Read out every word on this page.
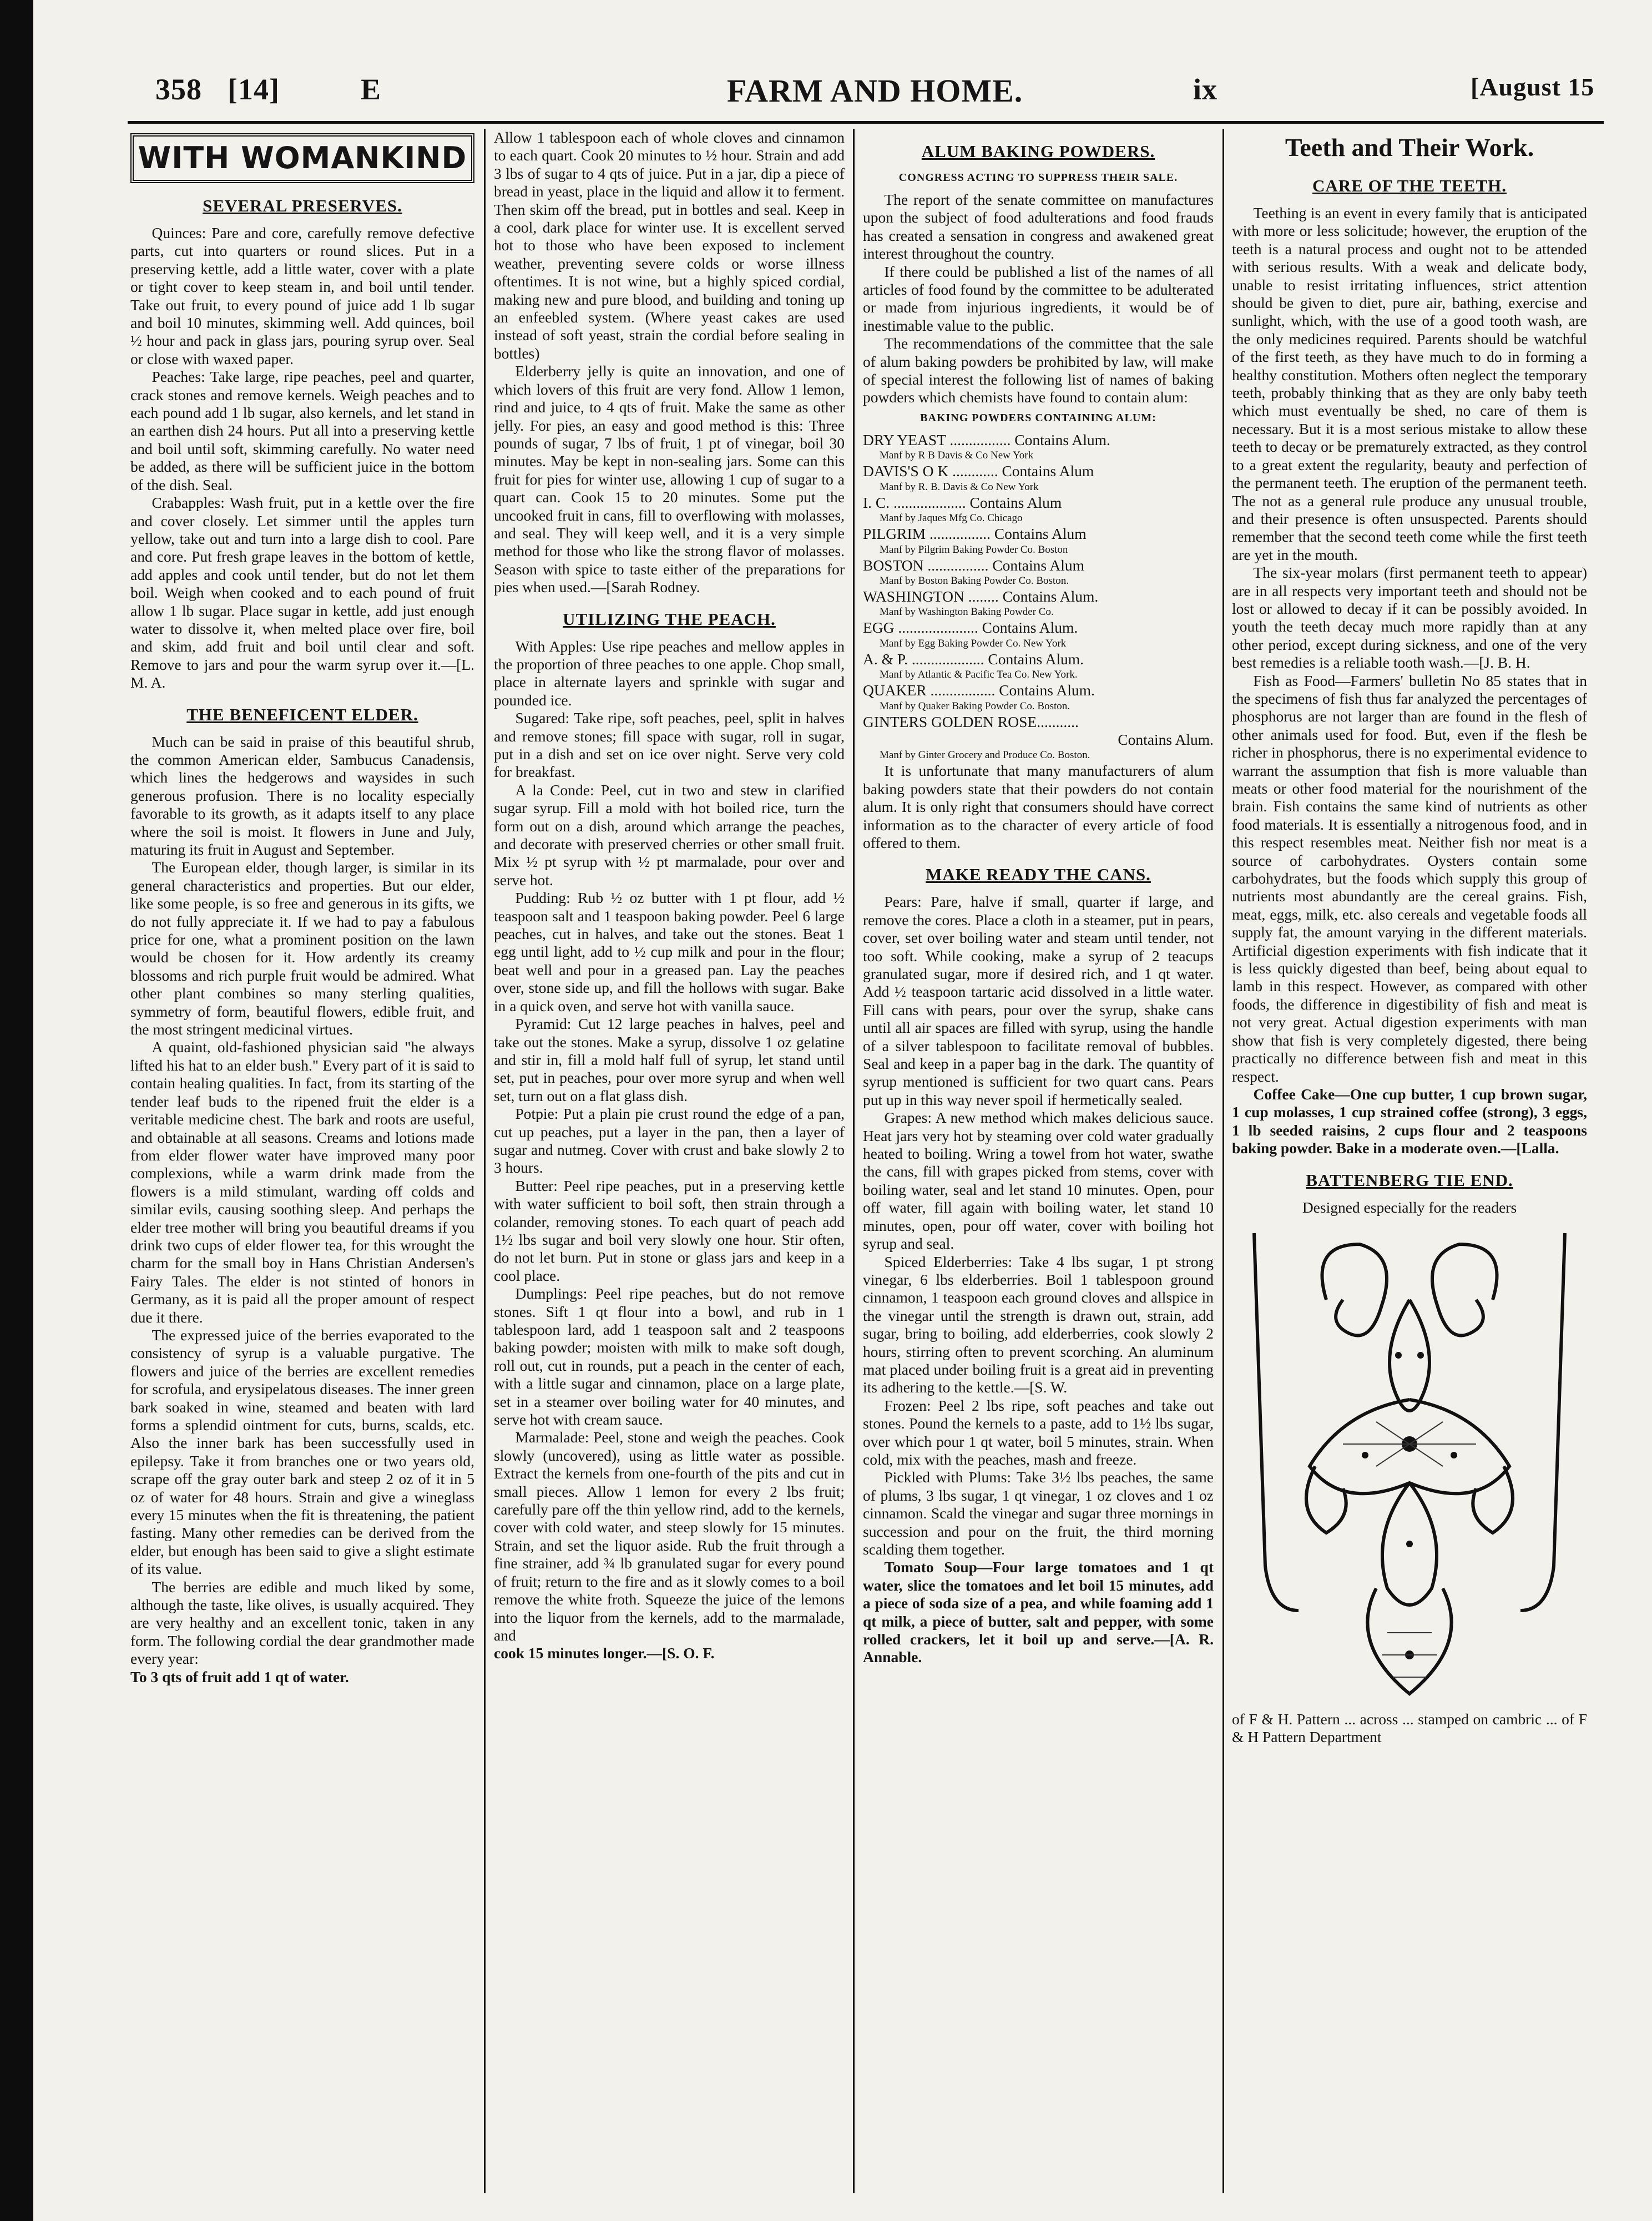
358 [14]	E	FARM AND HOME.	ix	[August 15
WITH WOMANKIND
SEVERAL PRESERVES.

Quinces: Pare and core, carefully remove defective parts, cut into quarters or round slices. Put in a preserving kettle, add a little water, cover with a plate or tight cover to keep steam in, and boil until tender. Take out fruit, to every pound of juice add 1 lb sugar and boil 10 minutes, skimming well. Add quinces, boil ½ hour and pack in glass jars, pouring syrup over. Seal or close with waxed paper.

Peaches: Take large, ripe peaches, peel and quarter, crack stones and remove kernels. Weigh peaches and to each pound add 1 lb sugar, also kernels, and let stand in an earthen dish 24 hours. Put all into a preserving kettle and boil until soft, skimming carefully. No water need be added, as there will be sufficient juice in the bottom of the dish. Seal.

Crabapples: Wash fruit, put in a kettle over the fire and cover closely. Let simmer until the apples turn yellow, take out and turn into a large dish to cool. Pare and core. Put fresh grape leaves in the bottom of kettle, add apples and cook until tender, but do not let them boil. Weigh when cooked and to each pound of fruit allow 1 lb sugar. Place sugar in kettle, add just enough water to dissolve it, when melted place over fire, boil and skim, add fruit and boil until clear and soft. Remove to jars and pour the warm syrup over it.—[L. M. A.

THE BENEFICENT ELDER.

Much can be said in praise of this beautiful shrub, the common American elder, Sambucus Canadensis, which lines the hedgerows and waysides in such generous profusion. There is no locality especially favorable to its growth, as it adapts itself to any place where the soil is moist. It flowers in June and July, maturing its fruit in August and September.

The European elder, though larger, is similar in its general characteristics and properties. But our elder, like some people, is so free and generous in its gifts, we do not fully appreciate it. If we had to pay a fabulous price for one, what a prominent position on the lawn would be chosen for it. How ardently its creamy blossoms and rich purple fruit would be admired. What other plant combines so many sterling qualities, symmetry of form, beautiful flowers, edible fruit, and the most stringent medicinal virtues.

A quaint, old-fashioned physician said "he always lifted his hat to an elder bush." Every part of it is said to contain healing qualities. In fact, from its starting of the tender leaf buds to the ripened fruit the elder is a veritable medicine chest. The bark and roots are useful, and obtainable at all seasons. Creams and lotions made from elder flower water have improved many poor complexions, while a warm drink made from the flowers is a mild stimulant, warding off colds and similar evils, causing soothing sleep. And perhaps the elder tree mother will bring you beautiful dreams if you drink two cups of elder flower tea, for this wrought the charm for the small boy in Hans Christian Andersen's Fairy Tales. The elder is not stinted of honors in Germany, as it is paid all the proper amount of respect due it there.

The expressed juice of the berries evaporated to the consistency of syrup is a valuable purgative. The flowers and juice of the berries are excellent remedies for scrofula, and erysipelatous diseases. The inner green bark soaked in wine, steamed and beaten with lard forms a splendid ointment for cuts, burns, scalds, etc. Also the inner bark has been successfully used in epilepsy. Take it from branches one or two years old, scrape off the gray outer bark and steep 2 oz of it in 5 oz of water for 48 hours. Strain and give a wineglass every 15 minutes when the fit is threatening, the patient fasting. Many other remedies can be derived from the elder, but enough has been said to give a slight estimate of its value.

The berries are edible and much liked by some, although the taste, like olives, is usually acquired. They are very healthy and an excellent tonic, taken in any form. The following cordial the dear grandmother made every year:

To 3 qts of fruit add 1 qt of water.

Allow 1 tablespoon each of whole cloves and cinnamon to each quart. Cook 20 minutes to ½ hour. Strain and add 3 lbs of sugar to 4 qts of juice. Put in a jar, dip a piece of bread in yeast, place in the liquid and allow it to ferment. Then skim off the bread, put in bottles and seal. Keep in a cool, dark place for winter use. It is excellent served hot to those who have been exposed to inclement weather, preventing severe colds or worse illness oftentimes. It is not wine, but a highly spiced cordial, making new and pure blood, and building and toning up an enfeebled system. (Where yeast cakes are used instead of soft yeast, strain the cordial before sealing in bottles)

Elderberry jelly is quite an innovation, and one of which lovers of this fruit are very fond. Allow 1 lemon, rind and juice, to 4 qts of fruit. Make the same as other jelly. For pies, an easy and good method is this: Three pounds of sugar, 7 lbs of fruit, 1 pt of vinegar, boil 30 minutes. May be kept in non-sealing jars. Some can this fruit for pies for winter use, allowing 1 cup of sugar to a quart can. Cook 15 to 20 minutes. Some put the uncooked fruit in cans, fill to overflowing with molasses, and seal. They will keep well, and it is a very simple method for those who like the strong flavor of molasses. Season with spice to taste either of the preparations for pies when used.—[Sarah Rodney.

UTILIZING THE PEACH.

With Apples: Use ripe peaches and mellow apples in the proportion of three peaches to one apple. Chop small, place in alternate layers and sprinkle with sugar and pounded ice.

Sugared: Take ripe, soft peaches, peel, split in halves and remove stones; fill space with sugar, roll in sugar, put in a dish and set on ice over night. Serve very cold for breakfast.

A la Conde: Peel, cut in two and stew in clarified sugar syrup. Fill a mold with hot boiled rice, turn the form out on a dish, around which arrange the peaches, and decorate with preserved cherries or other small fruit. Mix ½ pt syrup with ½ pt marmalade, pour over and serve hot.

Pudding: Rub ½ oz butter with 1 pt flour, add ½ teaspoon salt and 1 teaspoon baking powder. Peel 6 large peaches, cut in halves, and take out the stones. Beat 1 egg until light, add to ½ cup milk and pour in the flour; beat well and pour in a greased pan. Lay the peaches over, stone side up, and fill the hollows with sugar. Bake in a quick oven, and serve hot with vanilla sauce.

Pyramid: Cut 12 large peaches in halves, peel and take out the stones. Make a syrup, dissolve 1 oz gelatine and stir in, fill a mold half full of syrup, let stand until set, put in peaches, pour over more syrup and when well set, turn out on a flat glass dish.

Potpie: Put a plain pie crust round the edge of a pan, cut up peaches, put a layer in the pan, then a layer of sugar and nutmeg. Cover with crust and bake slowly 2 to 3 hours.

Butter: Peel ripe peaches, put in a preserving kettle with water sufficient to boil soft, then strain through a colander, removing stones. To each quart of peach add 1½ lbs sugar and boil very slowly one hour. Stir often, do not let burn. Put in stone or glass jars and keep in a cool place.

Dumplings: Peel ripe peaches, but do not remove stones. Sift 1 qt flour into a bowl, and rub in 1 tablespoon lard, add 1 teaspoon salt and 2 teaspoons baking powder; moisten with milk to make soft dough, roll out, cut in rounds, put a peach in the center of each, with a little sugar and cinnamon, place on a large plate, set in a steamer over boiling water for 40 minutes, and serve hot with cream sauce.

Marmalade: Peel, stone and weigh the peaches. Cook slowly (uncovered), using as little water as possible. Extract the kernels from one-fourth of the pits and cut in small pieces. Allow 1 lemon for every 2 lbs fruit; carefully pare off the thin yellow rind, add to the kernels, cover with cold water, and steep slowly for 15 minutes. Strain, and set the liquor aside. Rub the fruit through a fine strainer, add ¾ lb granulated sugar for every pound of fruit; return to the fire and as it slowly comes to a boil remove the white froth. Squeeze the juice of the lemons into the liquor from the kernels, add to the marmalade, and

cook 15 minutes longer.—[S. O. F.

ALUM BAKING POWDERS.
CONGRESS ACTING TO SUPPRESS THEIR SALE.

The report of the senate committee on manufactures upon the subject of food adulterations and food frauds has created a sensation in congress and awakened great interest throughout the country.

If there could be published a list of the names of all articles of food found by the committee to be adulterated or made from injurious ingredients, it would be of inestimable value to the public.

The recommendations of the committee that the sale of alum baking powders be prohibited by law, will make of special interest the following list of names of baking powders which chemists have found to contain alum:

BAKING POWDERS CONTAINING ALUM:

DRY YEAST ................ Contains Alum.

Manf by R B Davis & Co New York

DAVIS'S O K ............ Contains Alum

Manf by R. B. Davis & Co New York

I. C. ................... Contains Alum

Manf by Jaques Mfg Co. Chicago

PILGRIM ................ Contains Alum

Manf by Pilgrim Baking Powder Co. Boston

BOSTON ................ Contains Alum

Manf by Boston Baking Powder Co. Boston.

WASHINGTON ........ Contains Alum.

Manf by Washington Baking Powder Co.

EGG ..................... Contains Alum.

Manf by Egg Baking Powder Co. New York

A. & P. ................... Contains Alum.

Manf by Atlantic & Pacific Tea Co. New York.

QUAKER ................. Contains Alum.

Manf by Quaker Baking Powder Co. Boston.

GINTERS GOLDEN ROSE...........

Contains Alum.

Manf by Ginter Grocery and Produce Co. Boston.

It is unfortunate that many manufacturers of alum baking powders state that their powders do not contain alum. It is only right that consumers should have correct information as to the character of every article of food offered to them.

MAKE READY THE CANS.

Pears: Pare, halve if small, quarter if large, and remove the cores. Place a cloth in a steamer, put in pears, cover, set over boiling water and steam until tender, not too soft. While cooking, make a syrup of 2 teacups granulated sugar, more if desired rich, and 1 qt water. Add ½ teaspoon tartaric acid dissolved in a little water. Fill cans with pears, pour over the syrup, shake cans until all air spaces are filled with syrup, using the handle of a silver tablespoon to facilitate removal of bubbles. Seal and keep in a paper bag in the dark. The quantity of syrup mentioned is sufficient for two quart cans. Pears put up in this way never spoil if hermetically sealed.

Grapes: A new method which makes delicious sauce. Heat jars very hot by steaming over cold water gradually heated to boiling. Wring a towel from hot water, swathe the cans, fill with grapes picked from stems, cover with boiling water, seal and let stand 10 minutes. Open, pour off water, fill again with boiling water, let stand 10 minutes, open, pour off water, cover with boiling hot syrup and seal.

Spiced Elderberries: Take 4 lbs sugar, 1 pt strong vinegar, 6 lbs elderberries. Boil 1 tablespoon ground cinnamon, 1 teaspoon each ground cloves and allspice in the vinegar until the strength is drawn out, strain, add sugar, bring to boiling, add elderberries, cook slowly 2 hours, stirring often to prevent scorching. An aluminum mat placed under boiling fruit is a great aid in preventing its adhering to the kettle.—[S. W.

Frozen: Peel 2 lbs ripe, soft peaches and take out stones. Pound the kernels to a paste, add to 1½ lbs sugar, over which pour 1 qt water, boil 5 minutes, strain. When cold, mix with the peaches, mash and freeze.

Pickled with Plums: Take 3½ lbs peaches, the same of plums, 3 lbs sugar, 1 qt vinegar, 1 oz cloves and 1 oz cinnamon. Scald the vinegar and sugar three mornings in succession and pour on the fruit, the third morning scalding them together.

Tomato Soup—Four large tomatoes and 1 qt water, slice the tomatoes and let boil 15 minutes, add a piece of soda size of a pea, and while foaming add 1 qt milk, a piece of butter, salt and pepper, with some rolled crackers, let it boil up and serve.—[A. R. Annable.

Teeth and Their Work.
CARE OF THE TEETH.

Teething is an event in every family that is anticipated with more or less solicitude; however, the eruption of the teeth is a natural process and ought not to be attended with serious results. With a weak and delicate body, unable to resist irritating influences, strict attention should be given to diet, pure air, bathing, exercise and sunlight, which, with the use of a good tooth wash, are the only medicines required. Parents should be watchful of the first teeth, as they have much to do in forming a healthy constitution. Mothers often neglect the temporary teeth, probably thinking that as they are only baby teeth which must eventually be shed, no care of them is necessary. But it is a most serious mistake to allow these teeth to decay or be prematurely extracted, as they control to a great extent the regularity, beauty and perfection of the permanent teeth. The eruption of the permanent teeth. The not as a general rule produce any unusual trouble, and their presence is often unsuspected. Parents should remember that the second teeth come while the first teeth are yet in the mouth.

The six-year molars (first permanent teeth to appear) are in all respects very important teeth and should not be lost or allowed to decay if it can be possibly avoided. In youth the teeth decay much more rapidly than at any other period, except during sickness, and one of the very best remedies is a reliable tooth wash.—[J. B. H.

Fish as Food—Farmers' bulletin No 85 states that in the specimens of fish thus far analyzed the percentages of phosphorus are not larger than are found in the flesh of other animals used for food. But, even if the flesh be richer in phosphorus, there is no experimental evidence to warrant the assumption that fish is more valuable than meats or other food material for the nourishment of the brain. Fish contains the same kind of nutrients as other food materials. It is essentially a nitrogenous food, and in this respect resembles meat. Neither fish nor meat is a source of carbohydrates. Oysters contain some carbohydrates, but the foods which supply this group of nutrients most abundantly are the cereal grains. Fish, meat, eggs, milk, etc. also cereals and vegetable foods all supply fat, the amount varying in the different materials. Artificial digestion experiments with fish indicate that it is less quickly digested than beef, being about equal to lamb in this respect. However, as compared with other foods, the difference in digestibility of fish and meat is not very great. Actual digestion experiments with man show that fish is very completely digested, there being practically no difference between fish and meat in this respect.

Coffee Cake—One cup butter, 1 cup brown sugar, 1 cup molasses, 1 cup strained coffee (strong), 3 eggs, 1 lb seeded raisins, 2 cups flour and 2 teaspoons baking powder. Bake in a moderate oven.—[Lalla.

BATTENBERG TIE END.

Designed especially for the readers

of F & H. Pattern ... across ... stamped on cambric ... of F & H Pattern Department
